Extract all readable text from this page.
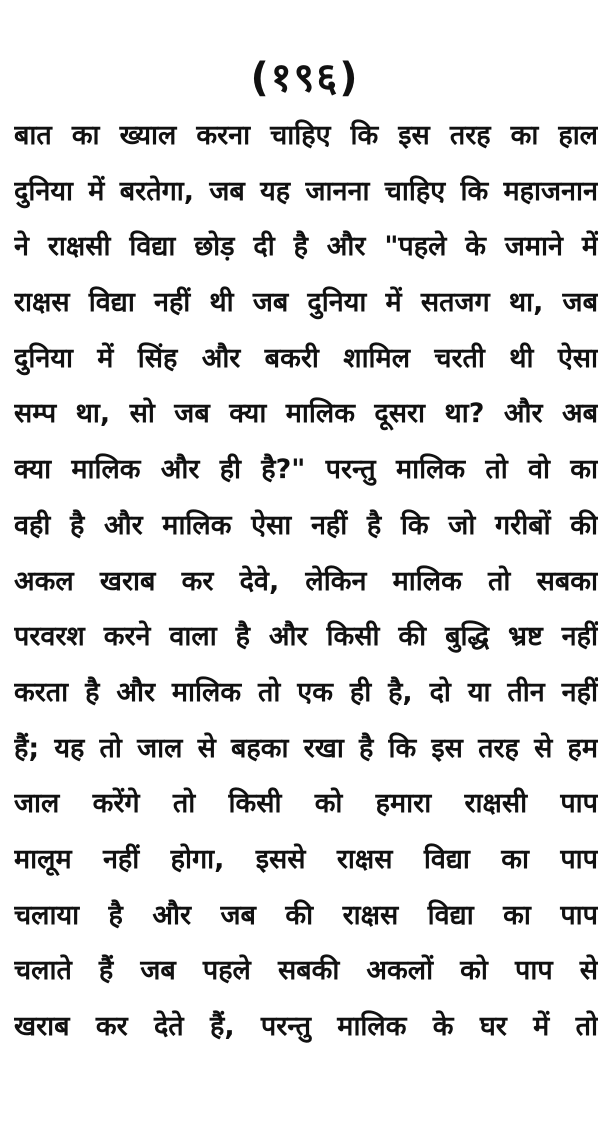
(१९६)
बात का ख्याल करना चाहिए कि इस तरह का हाल
दुनिया में बरतेगा, जब यह जानना चाहिए कि महाजनान
ने राक्षसी विद्या छोड़ दी है और "पहले के जमाने में
राक्षस विद्या नहीं थी जब दुनिया में सतजग था, जब
दुनिया में सिंह और बकरी शामिल चरती थी ऐसा
सम्प था, सो जब क्या मालिक दूसरा था? और अब
क्या मालिक और ही है?" परन्तु मालिक तो वो का
वही है और मालिक ऐसा नहीं है कि जो गरीबों की
अकल खराब कर देवे, लेकिन मालिक तो सबका
परवरश करने वाला है और किसी की बुद्धि भ्रष्ट नहीं
करता है और मालिक तो एक ही है, दो या तीन नहीं
हैं; यह तो जाल से बहका रखा है कि इस तरह से हम
जाल करेंगे तो किसी को हमारा राक्षसी पाप
मालूम नहीं होगा, इससे राक्षस विद्या का पाप
चलाया है और जब की राक्षस विद्या का पाप
चलाते हैं जब पहले सबकी अकलों को पाप से
खराब कर देते हैं, परन्तु मालिक के घर में तो
